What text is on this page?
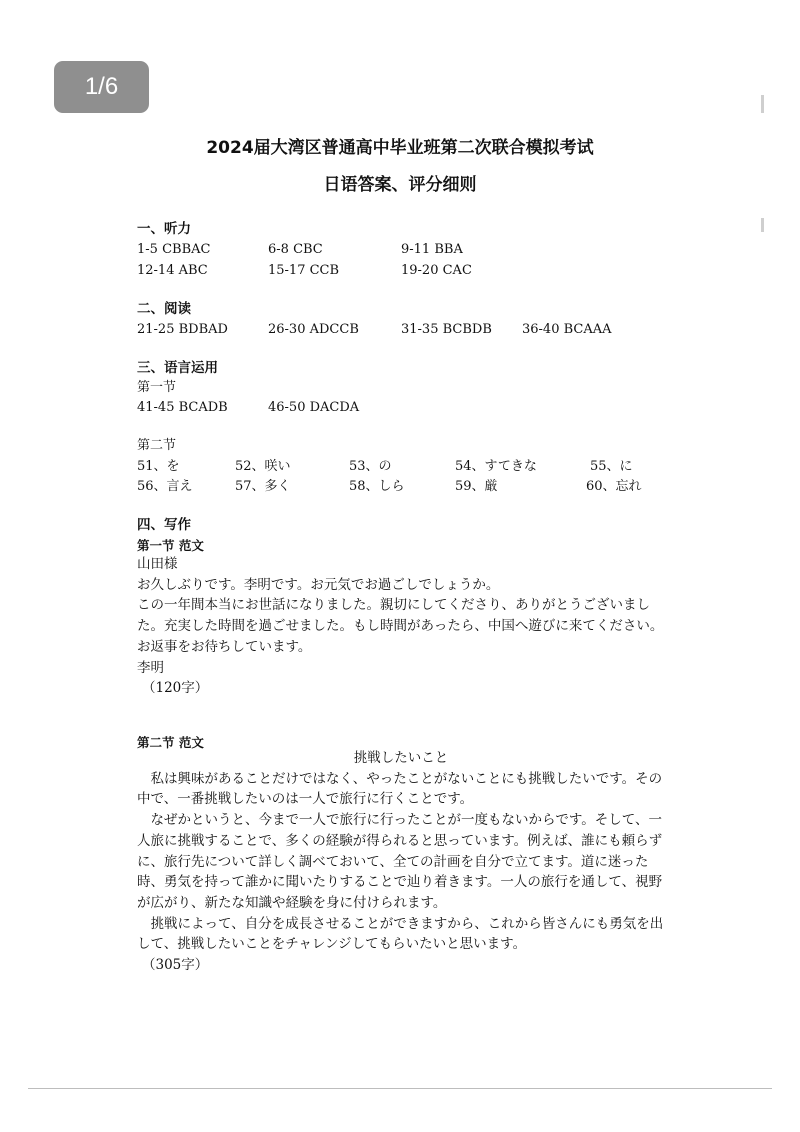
1/6
2024届大湾区普通高中毕业班第二次联合模拟考试
日语答案、评分细则
一、听力
1-5 CBBAC	6-8 CBC	9-11 BBA
12-14 ABC	15-17 CCB	19-20 CAC
二、阅读
21-25 BDBAD	26-30 ADCCB	31-35 BCBDB 36-40 BCAAA
三、语言运用
第一节
41-45 BCADB	46-50 DACDA
第二节
51、を	52、咲い	53、の	54、すてきな	55、に
56、言え	57、多く	58、しら	59、厳	60、忘れ
四、写作
第一节 范文

山田様

お久しぶりです。李明です。お元気でお過ごしでしょうか。

この一年間本当にお世話になりました。親切にしてくださり、ありがとうございました。充実した時間を過ごせました。もし時間があったら、中国へ遊びに来てください。

お返事をお待ちしています。

李明

（120字）

第二节 范文

挑戦したいこと

私は興味があることだけではなく、やったことがないことにも挑戦したいです。その中で、一番挑戦したいのは一人で旅行に行くことです。

なぜかというと、今まで一人で旅行に行ったことが一度もないからです。そして、一人旅に挑戦することで、多くの経験が得られると思っています。例えば、誰にも頼らずに、旅行先について詳しく調べておいて、全ての計画を自分で立てます。道に迷った時、勇気を持って誰かに聞いたりすることで辿り着きます。一人の旅行を通して、視野が広がり、新たな知識や経験を身に付けられます。

挑戦によって、自分を成長させることができますから、これから皆さんにも勇気を出して、挑戦したいことをチャレンジしてもらいたいと思います。

（305字）
